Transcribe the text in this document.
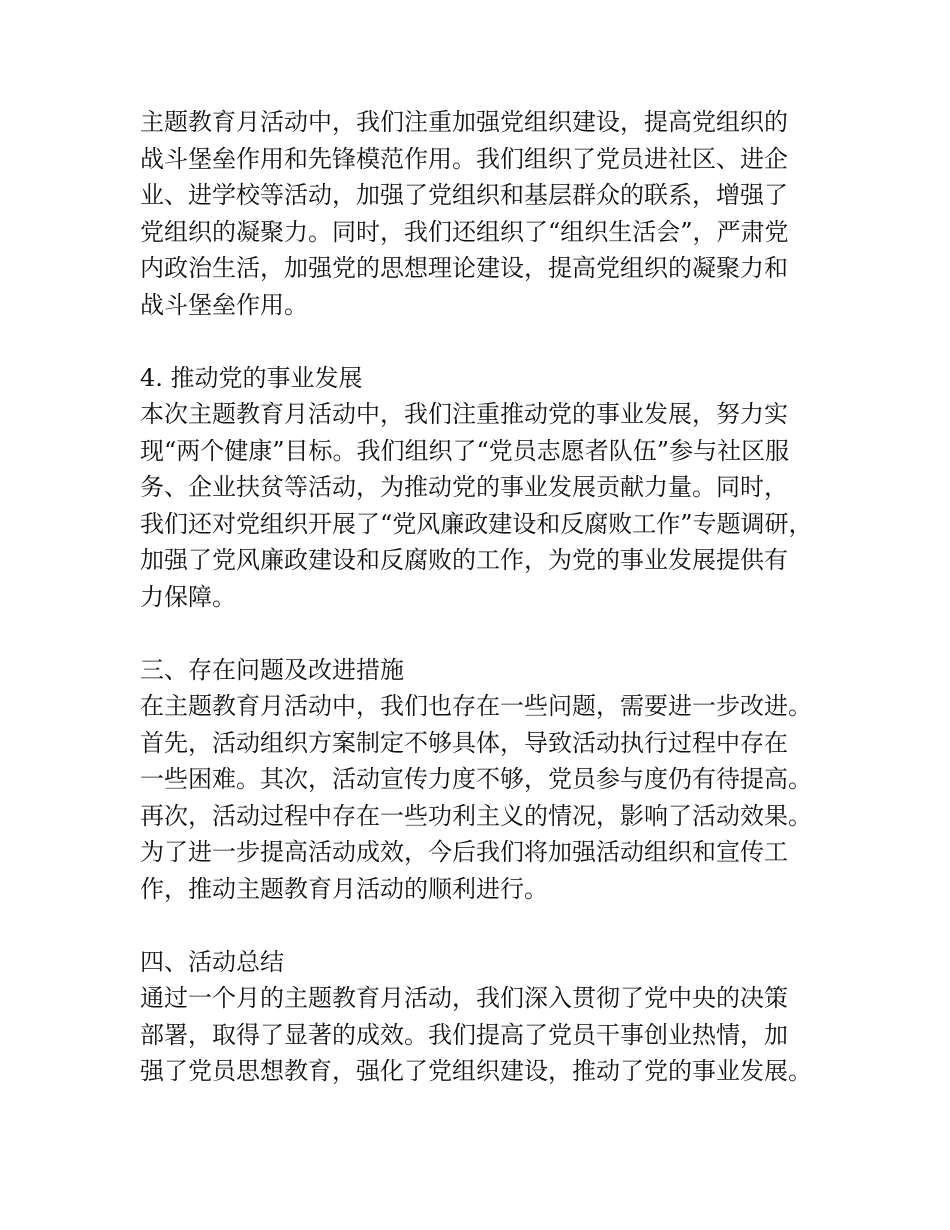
主题教育月活动中，我们注重加强党组织建设，提高党组织的
战斗堡垒作用和先锋模范作用。我们组织了党员进社区、进企
业、进学校等活动，加强了党组织和基层群众的联系，增强了
党组织的凝聚力。同时，我们还组织了“组织生活会”，严肃党
内政治生活，加强党的思想理论建设，提高党组织的凝聚力和
战斗堡垒作用。
4. 推动党的事业发展
本次主题教育月活动中，我们注重推动党的事业发展，努力实
现“两个健康”目标。我们组织了“党员志愿者队伍”参与社区服
务、企业扶贫等活动，为推动党的事业发展贡献力量。同时，
我们还对党组织开展了“党风廉政建设和反腐败工作”专题调研，
加强了党风廉政建设和反腐败的工作，为党的事业发展提供有
力保障。
三、存在问题及改进措施
在主题教育月活动中，我们也存在一些问题，需要进一步改进。
首先，活动组织方案制定不够具体，导致活动执行过程中存在
一些困难。其次，活动宣传力度不够，党员参与度仍有待提高。
再次，活动过程中存在一些功利主义的情况，影响了活动效果。
为了进一步提高活动成效，今后我们将加强活动组织和宣传工
作，推动主题教育月活动的顺利进行。
四、活动总结
通过一个月的主题教育月活动，我们深入贯彻了党中央的决策
部署，取得了显著的成效。我们提高了党员干事创业热情，加
强了党员思想教育，强化了党组织建设，推动了党的事业发展。
